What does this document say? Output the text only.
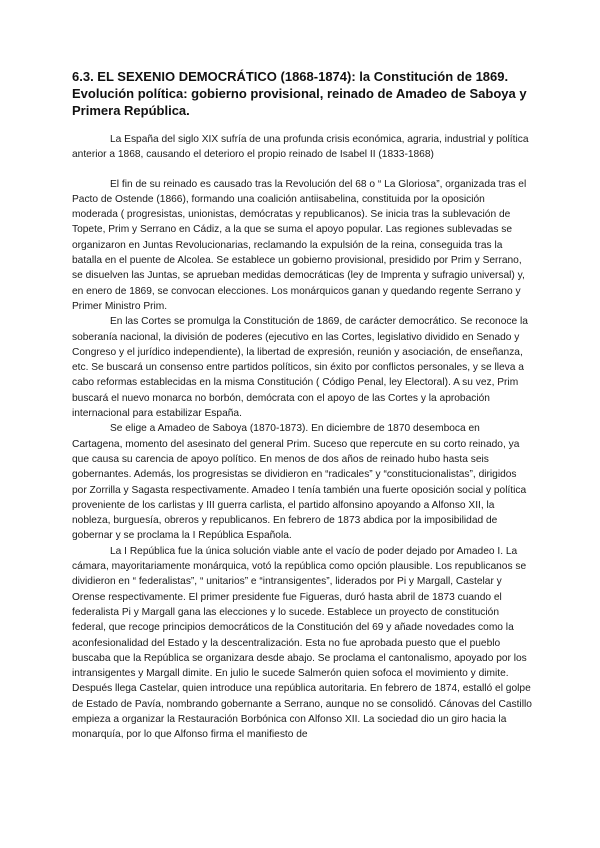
6.3. EL SEXENIO DEMOCRÁTICO (1868-1874): la Constitución de 1869. Evolución política: gobierno provisional, reinado de Amadeo de Saboya y Primera República.

La España del siglo XIX sufría de una profunda crisis económica, agraria, industrial y política anterior a 1868, causando el deterioro el propio reinado de Isabel II (1833-1868)

El fin de su reinado es causado tras la Revolución del 68 o “ La Gloriosa”, organizada tras el Pacto de Ostende (1866), formando una coalición antiisabelina, constituida por la oposición moderada ( progresistas, unionistas, demócratas y republicanos). Se inicia tras la sublevación de Topete, Prim y Serrano en Cádiz, a la que se suma el apoyo popular. Las regiones sublevadas se organizaron en Juntas Revolucionarias, reclamando la expulsión de la reina, conseguida tras la batalla en el puente de Alcolea. Se establece un gobierno provisional, presidido por Prim y Serrano, se disuelven las Juntas, se aprueban medidas democráticas (ley de Imprenta y sufragio universal) y, en enero de 1869, se convocan elecciones. Los monárquicos ganan y quedando regente Serrano y Primer Ministro Prim.

En las Cortes se promulga la Constitución de 1869, de carácter democrático. Se reconoce la soberanía nacional, la división de poderes (ejecutivo en las Cortes, legislativo dividido en Senado y Congreso y el jurídico independiente), la libertad de expresión, reunión y asociación, de enseñanza, etc. Se buscará un consenso entre partidos políticos, sin éxito por conflictos personales, y se lleva a cabo reformas establecidas en la misma Constitución ( Código Penal, ley Electoral). A su vez, Prim buscará el nuevo monarca no borbón, demócrata con el apoyo de las Cortes y la aprobación internacional para estabilizar España.

Se elige a Amadeo de Saboya (1870-1873). En diciembre de 1870 desemboca en Cartagena, momento del asesinato del general Prim. Suceso que repercute en su corto reinado, ya que causa su carencia de apoyo político. En menos de dos años de reinado hubo hasta seis gobernantes. Además, los progresistas se dividieron en “radicales” y “constitucionalistas”, dirigidos por Zorrilla y Sagasta respectivamente. Amadeo I tenía también una fuerte oposición social y política proveniente de los carlistas y III guerra carlista, el partido alfonsino apoyando a Alfonso XII, la nobleza, burguesía, obreros y republicanos. En febrero de 1873 abdica por la imposibilidad de gobernar y se proclama la I República Española.

La I República fue la única solución viable ante el vacío de poder dejado por Amadeo I. La cámara, mayoritariamente monárquica, votó la república como opción plausible. Los republicanos se dividieron en “ federalistas”, “ unitarios” e “intransigentes”, liderados por Pi y Margall, Castelar y Orense respectivamente. El primer presidente fue Figueras, duró hasta abril de 1873 cuando el federalista Pi y Margall gana las elecciones y lo sucede. Establece un proyecto de constitución federal, que recoge principios democráticos de la Constitución del 69 y añade novedades como la aconfesionalidad del Estado y la descentralización. Esta no fue aprobada puesto que el pueblo buscaba que la República se organizara desde abajo. Se proclama el cantonalismo, apoyado por los intransigentes y Margall dimite. En julio le sucede Salmerón quien sofoca el movimiento y dimite. Después llega Castelar, quien introduce una república autoritaria. En febrero de 1874, estalló el golpe de Estado de Pavía, nombrando gobernante a Serrano, aunque no se consolidó. Cánovas del Castillo empieza a organizar la Restauración Borbónica con Alfonso XII. La sociedad dio un giro hacia la monarquía, por lo que Alfonso firma el manifiesto de
